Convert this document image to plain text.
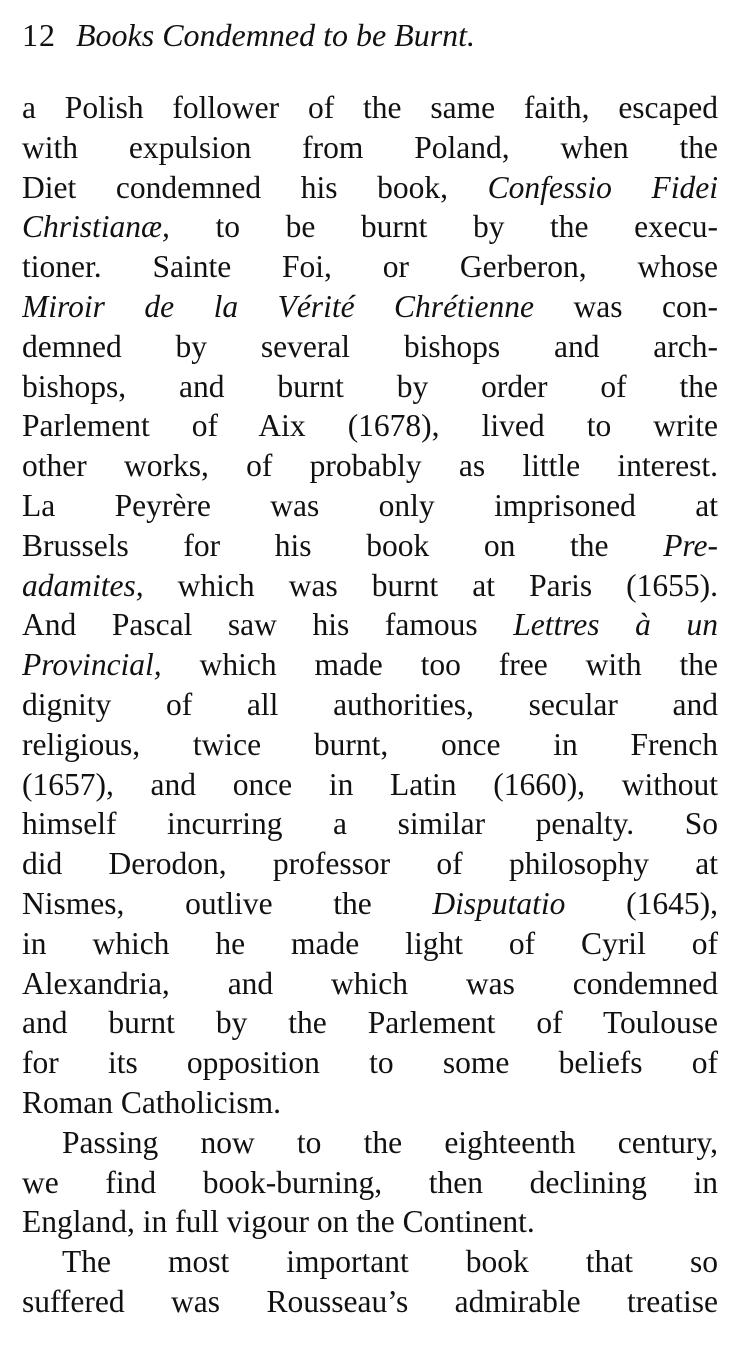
12 Books Condemned to be Burnt.
a Polish follower of the same faith, escaped
with expulsion from Poland, when the
Diet condemned his book, Confessio Fidei
Christianæ, to be burnt by the execu-
tioner. Sainte Foi, or Gerberon, whose
Miroir de la Vérité Chrétienne was con-
demned by several bishops and arch-
bishops, and burnt by order of the
Parlement of Aix (1678), lived to write
other works, of probably as little interest.
La Peyrère was only imprisoned at
Brussels for his book on the Pre-
adamites, which was burnt at Paris (1655).
And Pascal saw his famous Lettres à un
Provincial, which made too free with the
dignity of all authorities, secular and
religious, twice burnt, once in French
(1657), and once in Latin (1660), without
himself incurring a similar penalty. So
did Derodon, professor of philosophy at
Nismes, outlive the Disputatio (1645),
in which he made light of Cyril of
Alexandria, and which was condemned
and burnt by the Parlement of Toulouse
for its opposition to some beliefs of
Roman Catholicism.
Passing now to the eighteenth century,
we find book-burning, then declining in
England, in full vigour on the Continent.
The most important book that so
suffered was Rousseau’s admirable treatise
